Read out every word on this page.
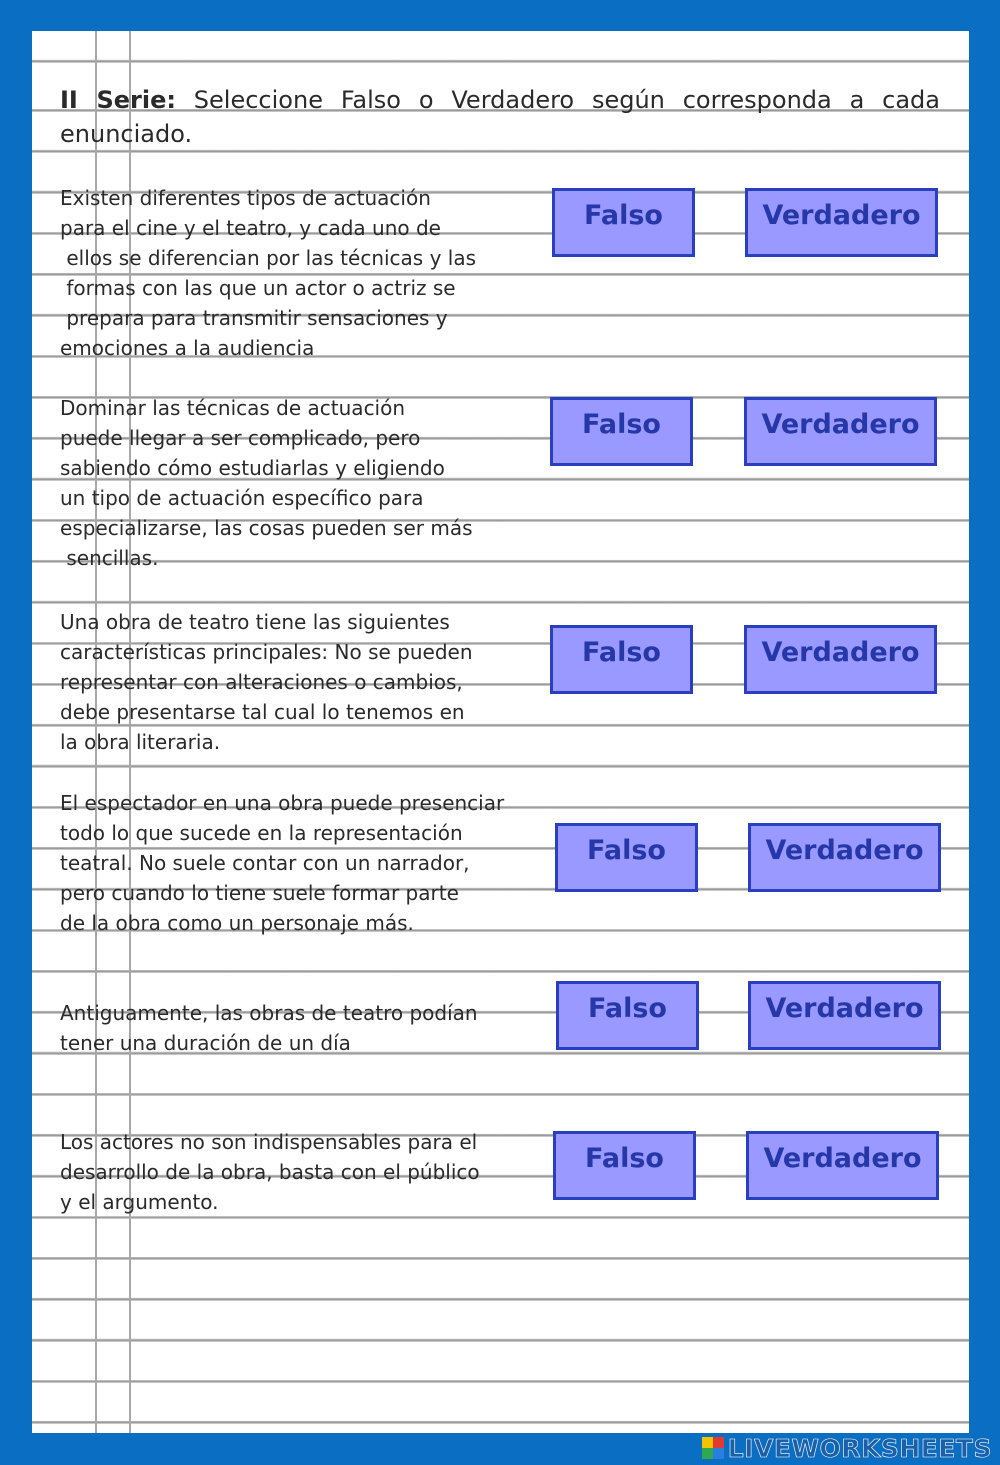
II Serie: Seleccione Falso o Verdadero según corresponda a cada enunciado.
Existen diferentes tipos de actuación
para el cine y el teatro, y cada uno de
ellos se diferencian por las técnicas y las
formas con las que un actor o actriz se
prepara para transmitir sensaciones y
emociones a la audiencia
Falso	Verdadero
Dominar las técnicas de actuación
puede llegar a ser complicado, pero
sabiendo cómo estudiarlas y eligiendo
un tipo de actuación específico para
especializarse, las cosas pueden ser más
sencillas.
Falso	Verdadero
Una obra de teatro tiene las siguientes
características principales: No se pueden
representar con alteraciones o cambios,
debe presentarse tal cual lo tenemos en
la obra literaria.
Falso	Verdadero
El espectador en una obra puede presenciar
todo lo que sucede en la representación
teatral. No suele contar con un narrador,
pero cuando lo tiene suele formar parte
de la obra como un personaje más.
Falso	Verdadero
Antiguamente, las obras de teatro podían
tener una duración de un día
Falso	Verdadero
Los actores no son indispensables para el
desarrollo de la obra, basta con el público
y el argumento.
Falso	Verdadero
LIVEWORKSHEETS
